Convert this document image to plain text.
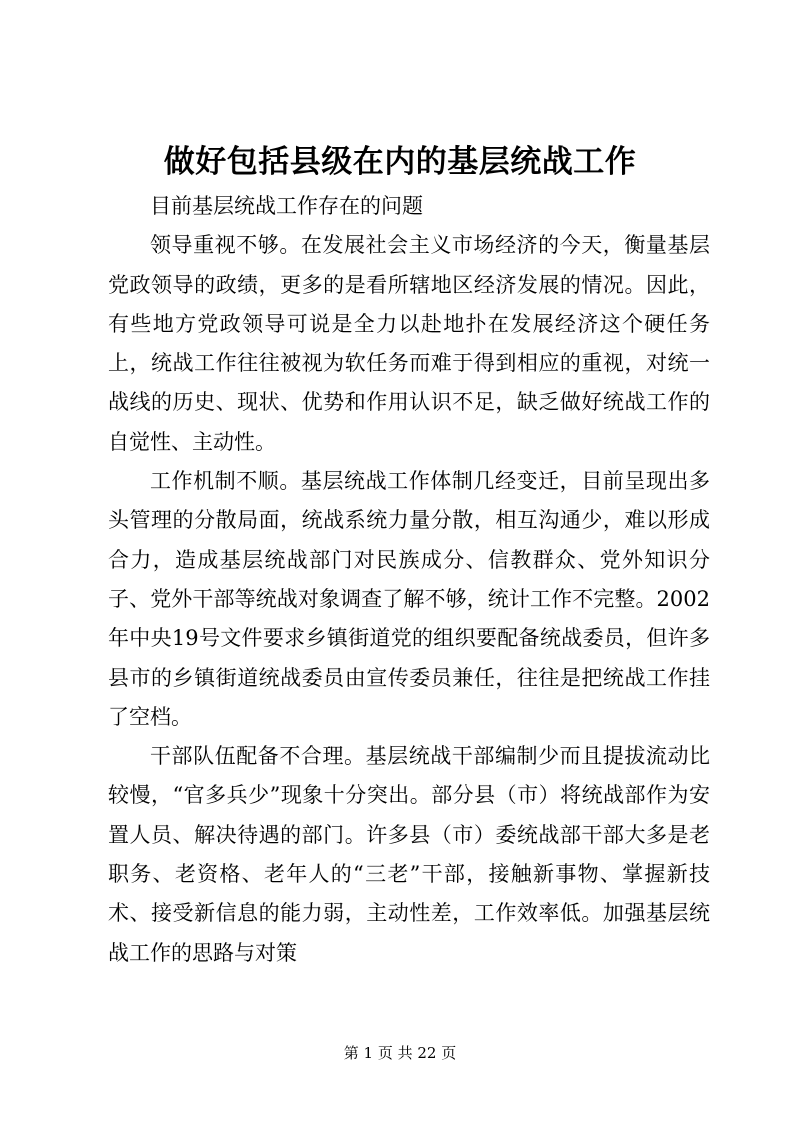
做好包括县级在内的基层统战工作

目前基层统战工作存在的问题

领导重视不够。在发展社会主义市场经济的今天，衡量基层党政领导的政绩，更多的是看所辖地区经济发展的情况。因此，有些地方党政领导可说是全力以赴地扑在发展经济这个硬任务上，统战工作往往被视为软任务而难于得到相应的重视，对统一战线的历史、现状、优势和作用认识不足，缺乏做好统战工作的自觉性、主动性。

工作机制不顺。基层统战工作体制几经变迁，目前呈现出多头管理的分散局面，统战系统力量分散，相互沟通少，难以形成合力，造成基层统战部门对民族成分、信教群众、党外知识分子、党外干部等统战对象调查了解不够，统计工作不完整。2002年中央19号文件要求乡镇街道党的组织要配备统战委员，但许多县市的乡镇街道统战委员由宣传委员兼任，往往是把统战工作挂了空档。

干部队伍配备不合理。基层统战干部编制少而且提拔流动比较慢，“官多兵少”现象十分突出。部分县（市）将统战部作为安置人员、解决待遇的部门。许多县（市）委统战部干部大多是老职务、老资格、老年人的“三老”干部，接触新事物、掌握新技术、接受新信息的能力弱，主动性差，工作效率低。加强基层统战工作的思路与对策

第 1 页 共 22 页
